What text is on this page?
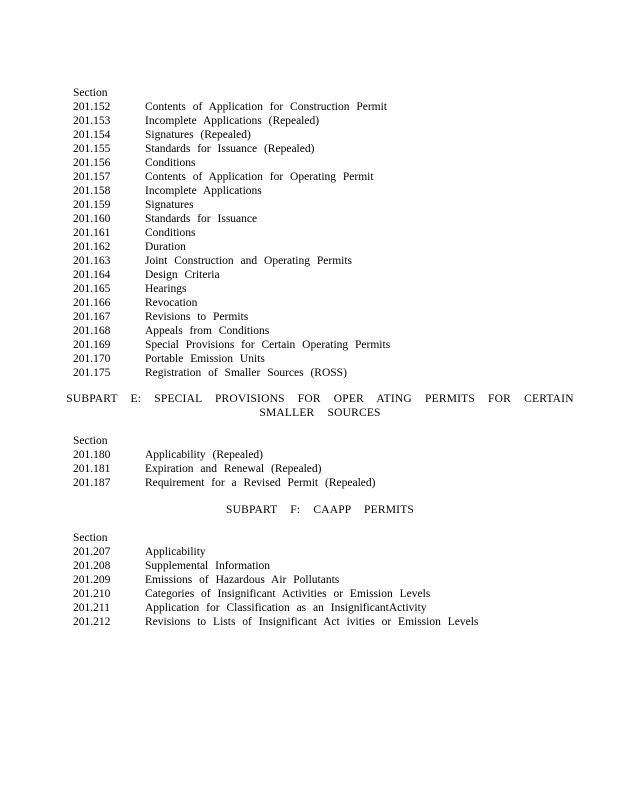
Section
201.152	Contents of Application for Construction Permit
201.153	Incomplete Applications (Repealed)
201.154	Signatures (Repealed)
201.155	Standards for Issuance (Repealed)
201.156	Conditions
201.157	Contents of Application for Operating Permit
201.158	Incomplete Applications
201.159	Signatures
201.160	Standards for Issuance
201.161	Conditions
201.162	Duration
201.163	Joint Construction and Operating Permits
201.164	Design Criteria
201.165	Hearings
201.166	Revocation
201.167	Revisions to Permits
201.168	Appeals from Conditions
201.169	Special Provisions for Certain Operating Permits
201.170	Portable Emission Units
201.175	Registration of Smaller Sources (ROSS)
SUBPART E: SPECIAL PROVISIONS FOR OPER ATING PERMITS FOR CERTAIN
SMALLER SOURCES
Section
201.180	Applicability (Repealed)
201.181	Expiration and Renewal (Repealed)
201.187	Requirement for a Revised Permit (Repealed)
SUBPART F: CAAPP PERMITS
Section
201.207	Applicability
201.208	Supplemental Information
201.209	Emissions of Hazardous Air Pollutants
201.210	Categories of Insignificant Activities or Emission Levels
201.211	Application for Classification as an InsignificantActivity
201.212	Revisions to Lists of Insignificant Act ivities or Emission Levels
